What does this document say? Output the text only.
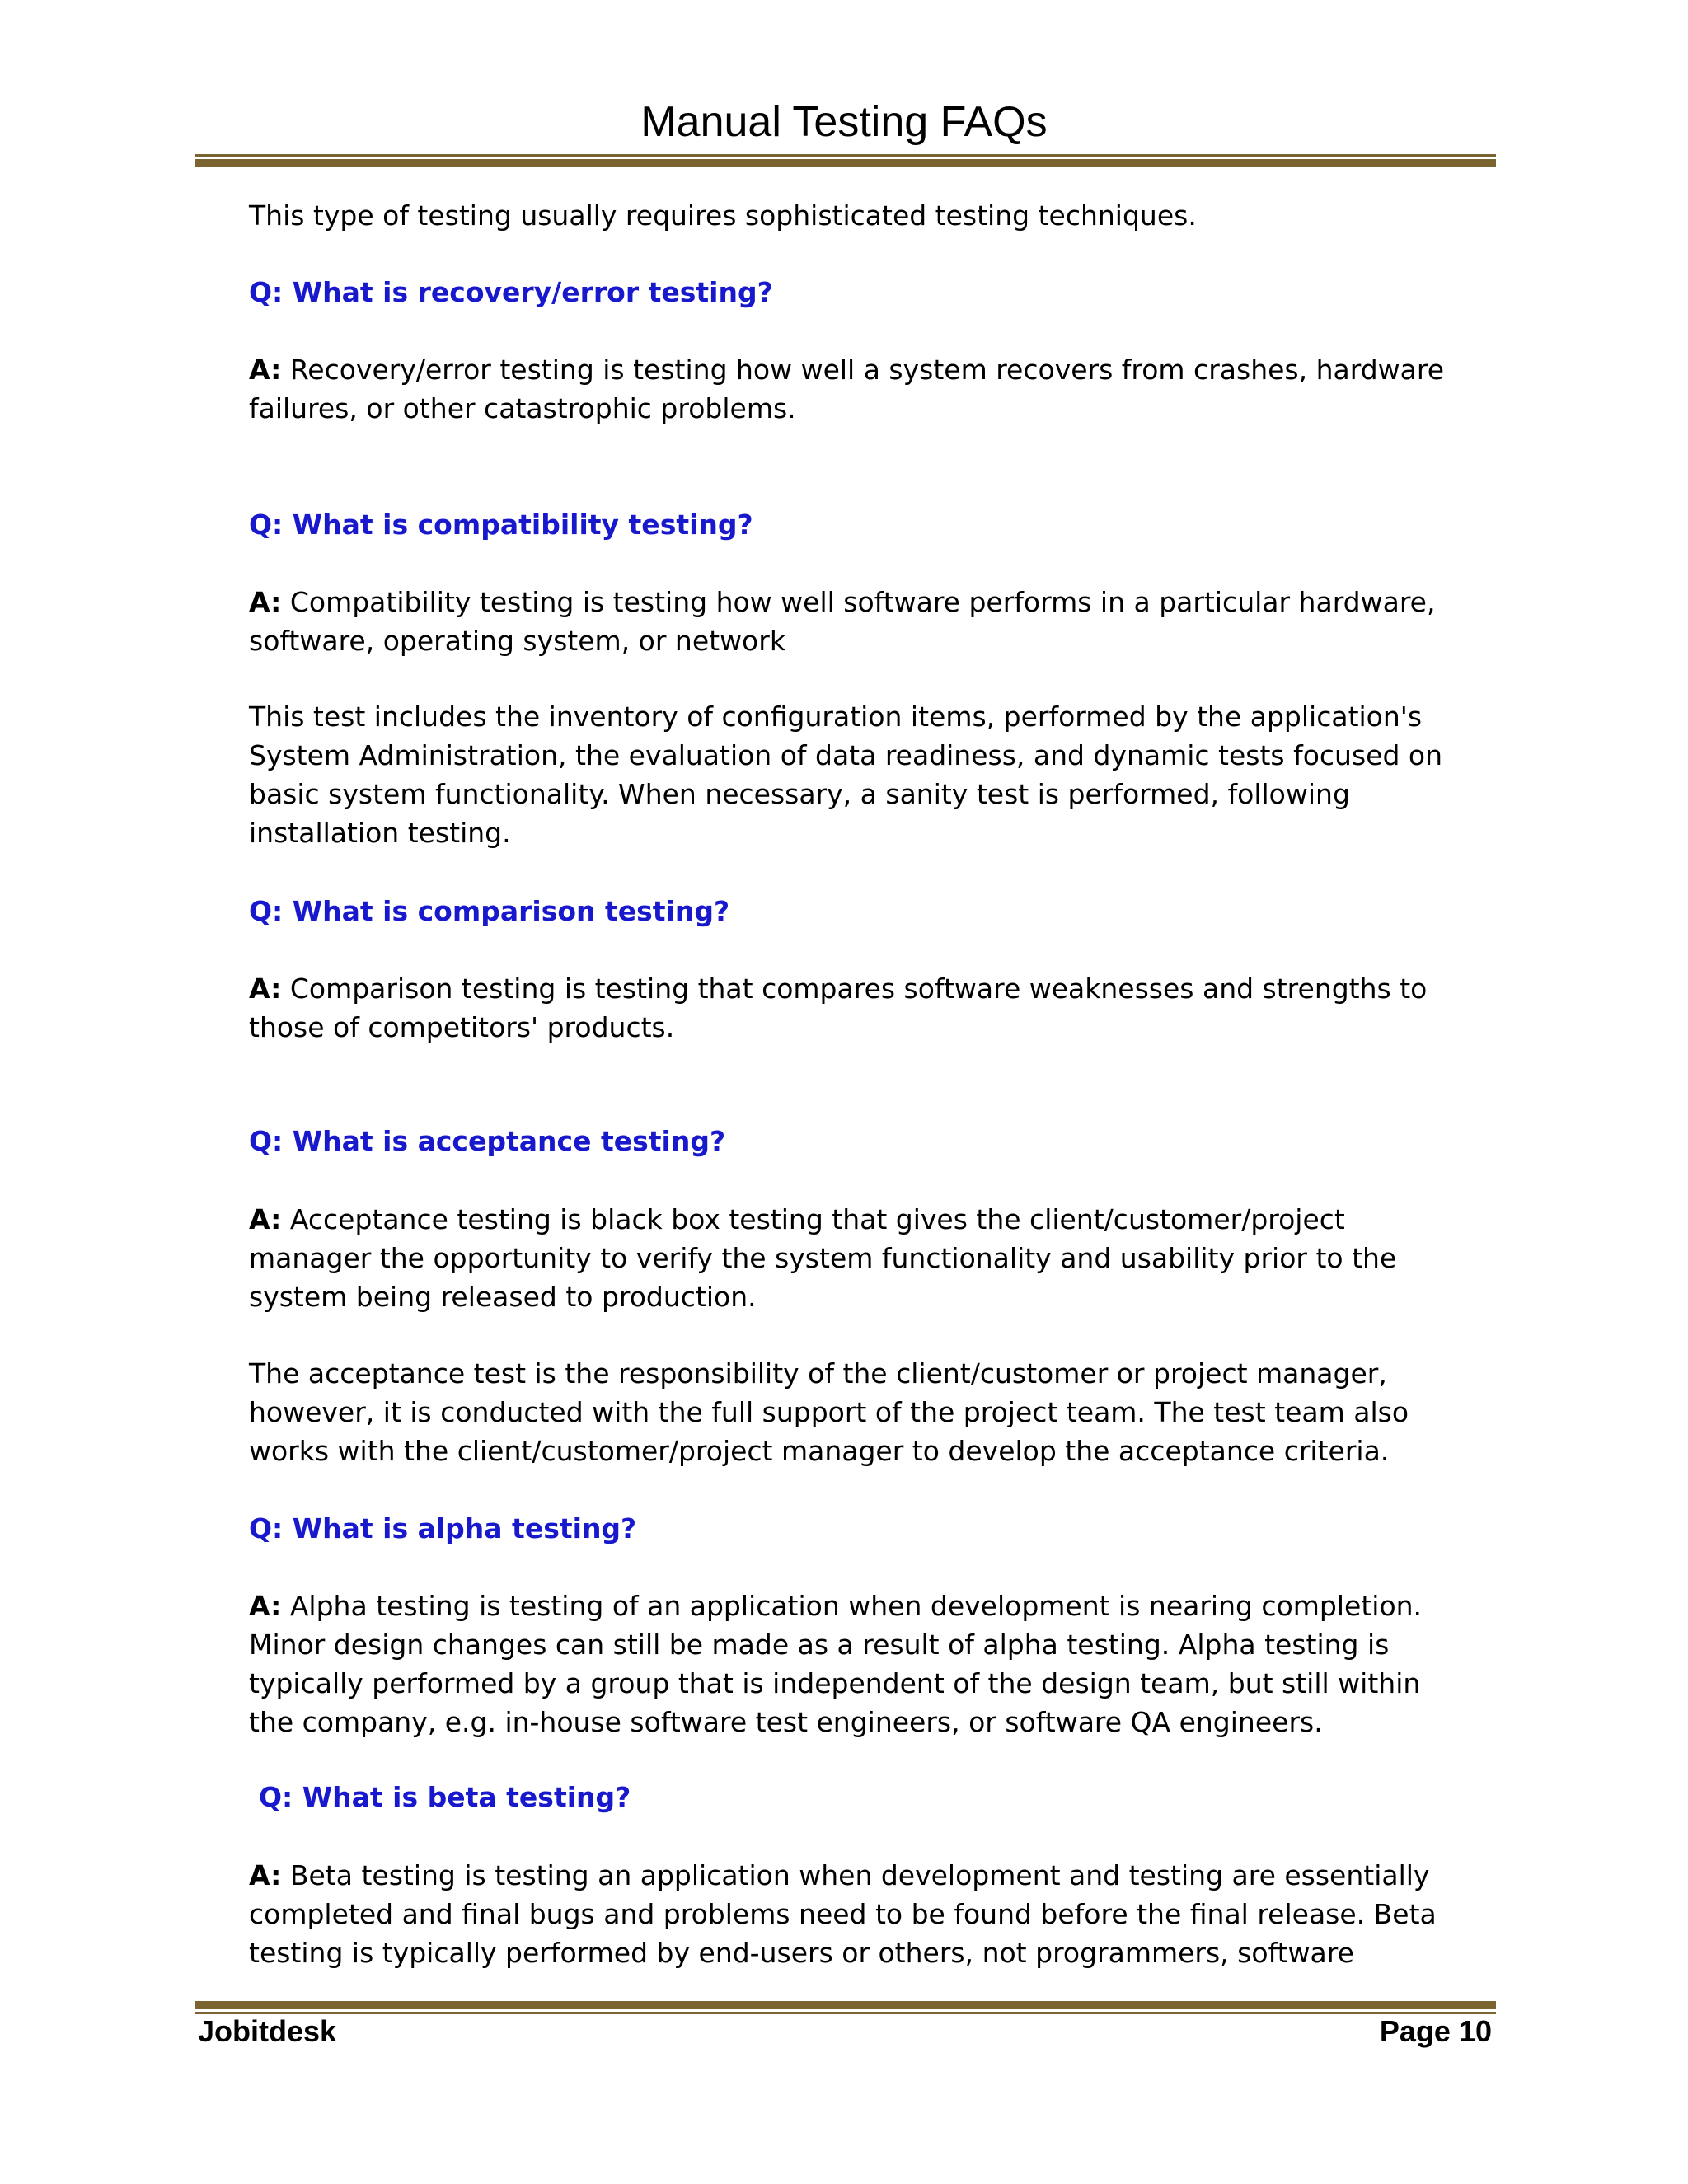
Manual Testing FAQs
This type of testing usually requires sophisticated testing techniques.
Q: What is recovery/error testing?
A: Recovery/error testing is testing how well a system recovers from crashes, hardware
failures, or other catastrophic problems.
Q: What is compatibility testing?
A: Compatibility testing is testing how well software performs in a particular hardware,
software, operating system, or network
This test includes the inventory of configuration items, performed by the application's
System Administration, the evaluation of data readiness, and dynamic tests focused on
basic system functionality. When necessary, a sanity test is performed, following
installation testing.
Q: What is comparison testing?
A: Comparison testing is testing that compares software weaknesses and strengths to
those of competitors' products.
Q: What is acceptance testing?
A: Acceptance testing is black box testing that gives the client/customer/project
manager the opportunity to verify the system functionality and usability prior to the
system being released to production.
The acceptance test is the responsibility of the client/customer or project manager,
however, it is conducted with the full support of the project team. The test team also
works with the client/customer/project manager to develop the acceptance criteria.
Q: What is alpha testing?
A: Alpha testing is testing of an application when development is nearing completion.
Minor design changes can still be made as a result of alpha testing. Alpha testing is
typically performed by a group that is independent of the design team, but still within
the company, e.g. in-house software test engineers, or software QA engineers.
Q: What is beta testing?
A: Beta testing is testing an application when development and testing are essentially
completed and final bugs and problems need to be found before the final release. Beta
testing is typically performed by end-users or others, not programmers, software
Jobitdesk	Page 10
